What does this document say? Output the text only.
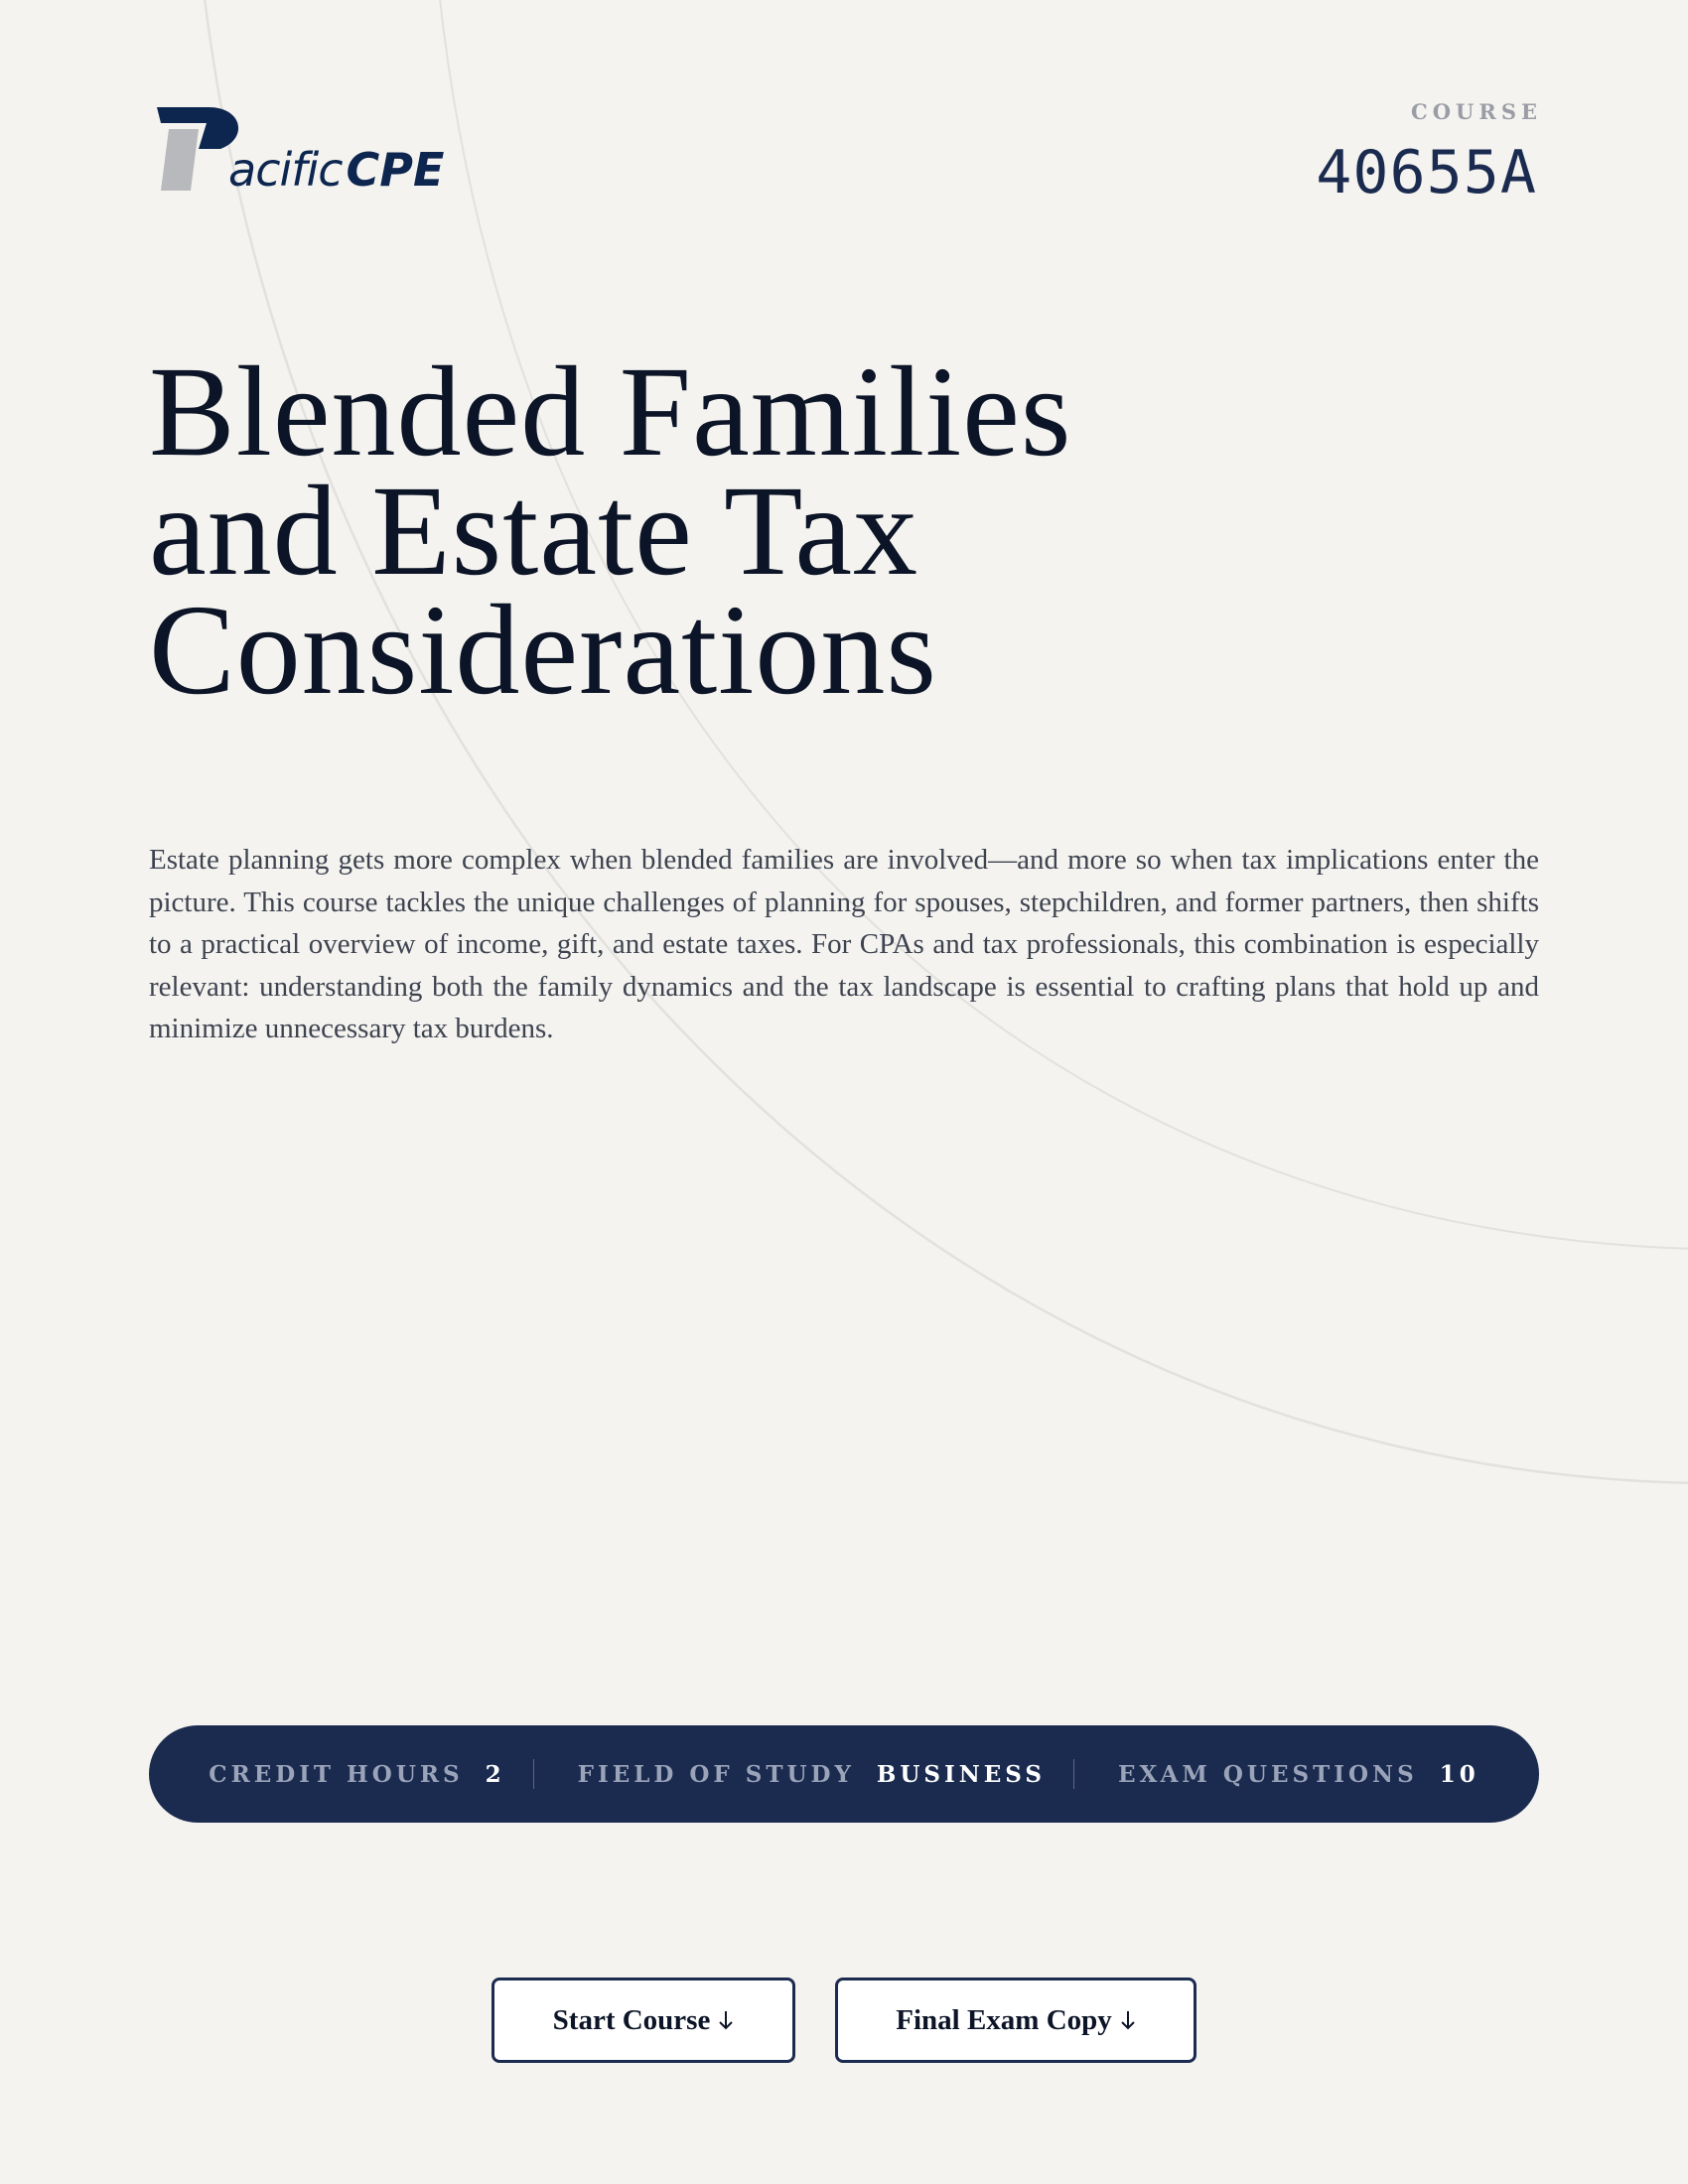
acificCPE
COURSE
40655A
Blended Families
and Estate Tax
Considerations

Estate planning gets more complex when blended families are involved—and more so when tax implications enter the picture. This course tackles the unique challenges of planning for spouses, stepchildren, and former partners, then shifts to a practical overview of income, gift, and estate taxes. For CPAs and tax professionals, this combination is especially relevant: understanding both the family dynamics and the tax landscape is essential to crafting plans that hold up and minimize unnecessary tax burdens.

CREDIT HOURS 2	FIELD OF STUDY BUSINESS	EXAM QUESTIONS 10
Start Course	Final Exam Copy
